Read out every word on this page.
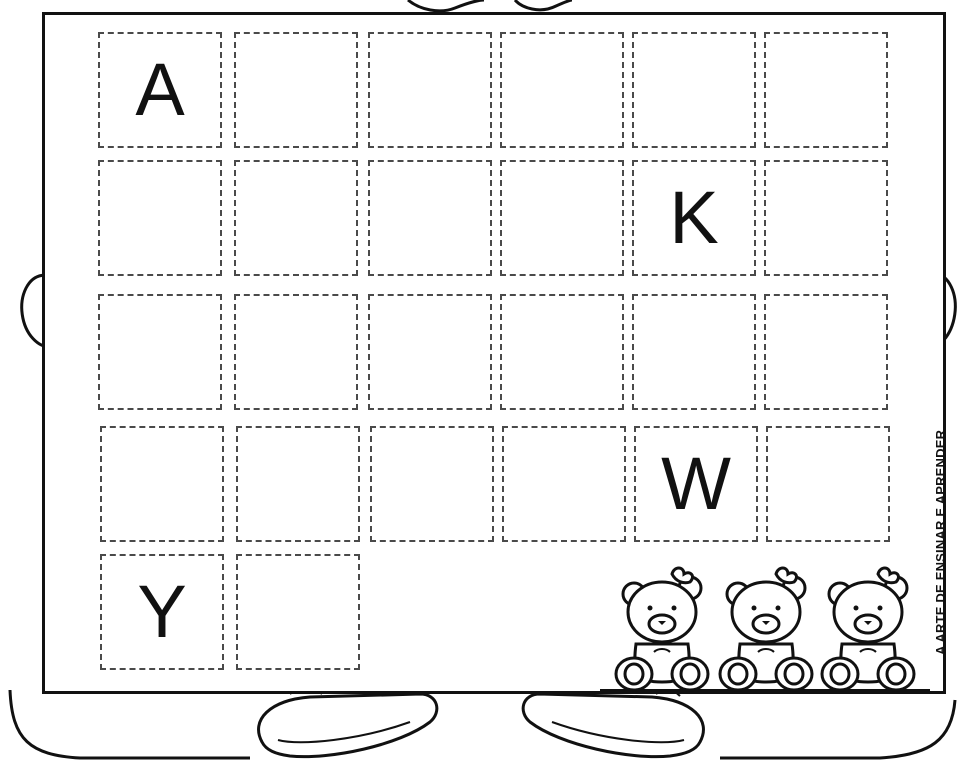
A
K
W
Y	A ARTE DE ENSINAR E APRENDER
